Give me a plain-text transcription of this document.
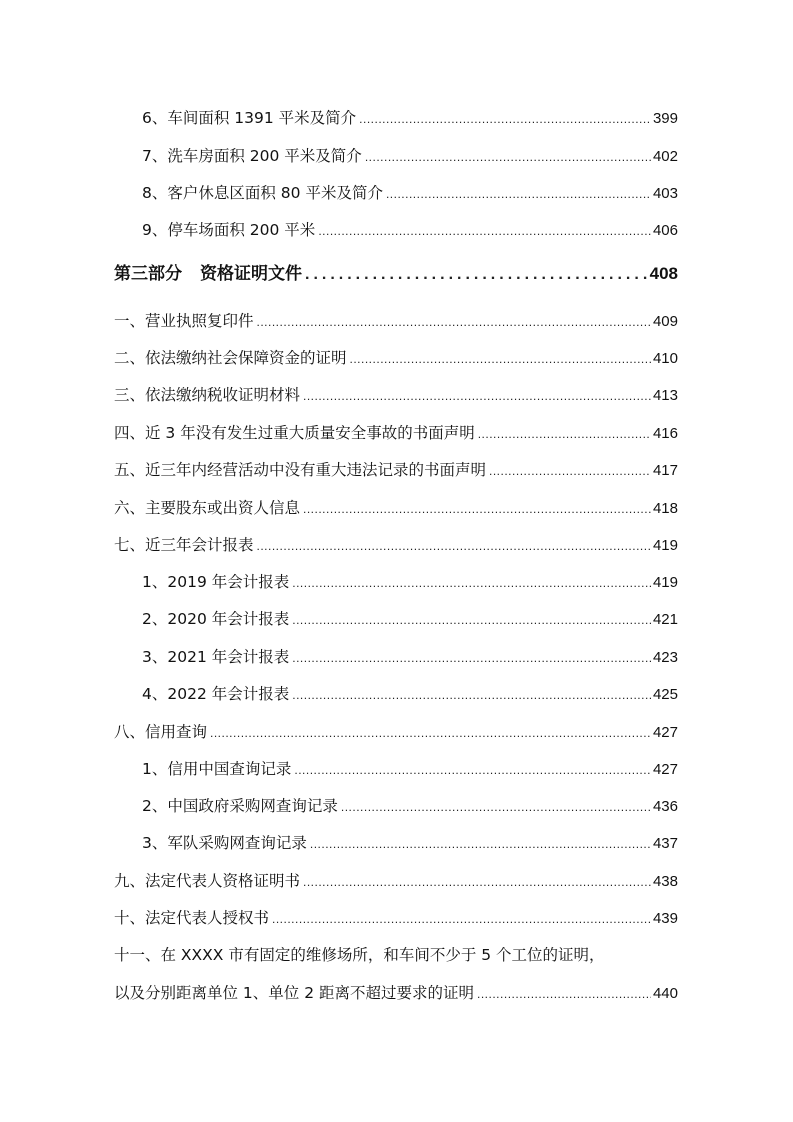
6、车间面积 1391 平米及简介 .....	399
7、洗车房面积 200 平米及简介 .....	402
8、客户休息区面积 80 平米及简介 .....	403
9、停车场面积 200 平米 .....	406
第三部分 资格证明文件 .....	408
一、营业执照复印件 .....	409
二、依法缴纳社会保障资金的证明 .....	410
三、依法缴纳税收证明材料 .....	413
四、近 3 年没有发生过重大质量安全事故的书面声明 .....	416
五、近三年内经营活动中没有重大违法记录的书面声明 .....	417
六、主要股东或出资人信息 .....	418
七、近三年会计报表 .....	419
1、2019 年会计报表 .....	419
2、2020 年会计报表 .....	421
3、2021 年会计报表 .....	423
4、2022 年会计报表 .....	425
八、信用查询 .....	427
1、信用中国查询记录 .....	427
2、中国政府采购网查询记录 .....	436
3、军队采购网查询记录 .....	437
九、法定代表人资格证明书 .....	438
十、法定代表人授权书 .....	439
十一、在 XXXX 市有固定的维修场所，和车间不少于 5 个工位的证明，
以及分别距离单位 1、单位 2 距离不超过要求的证明 .....	440
